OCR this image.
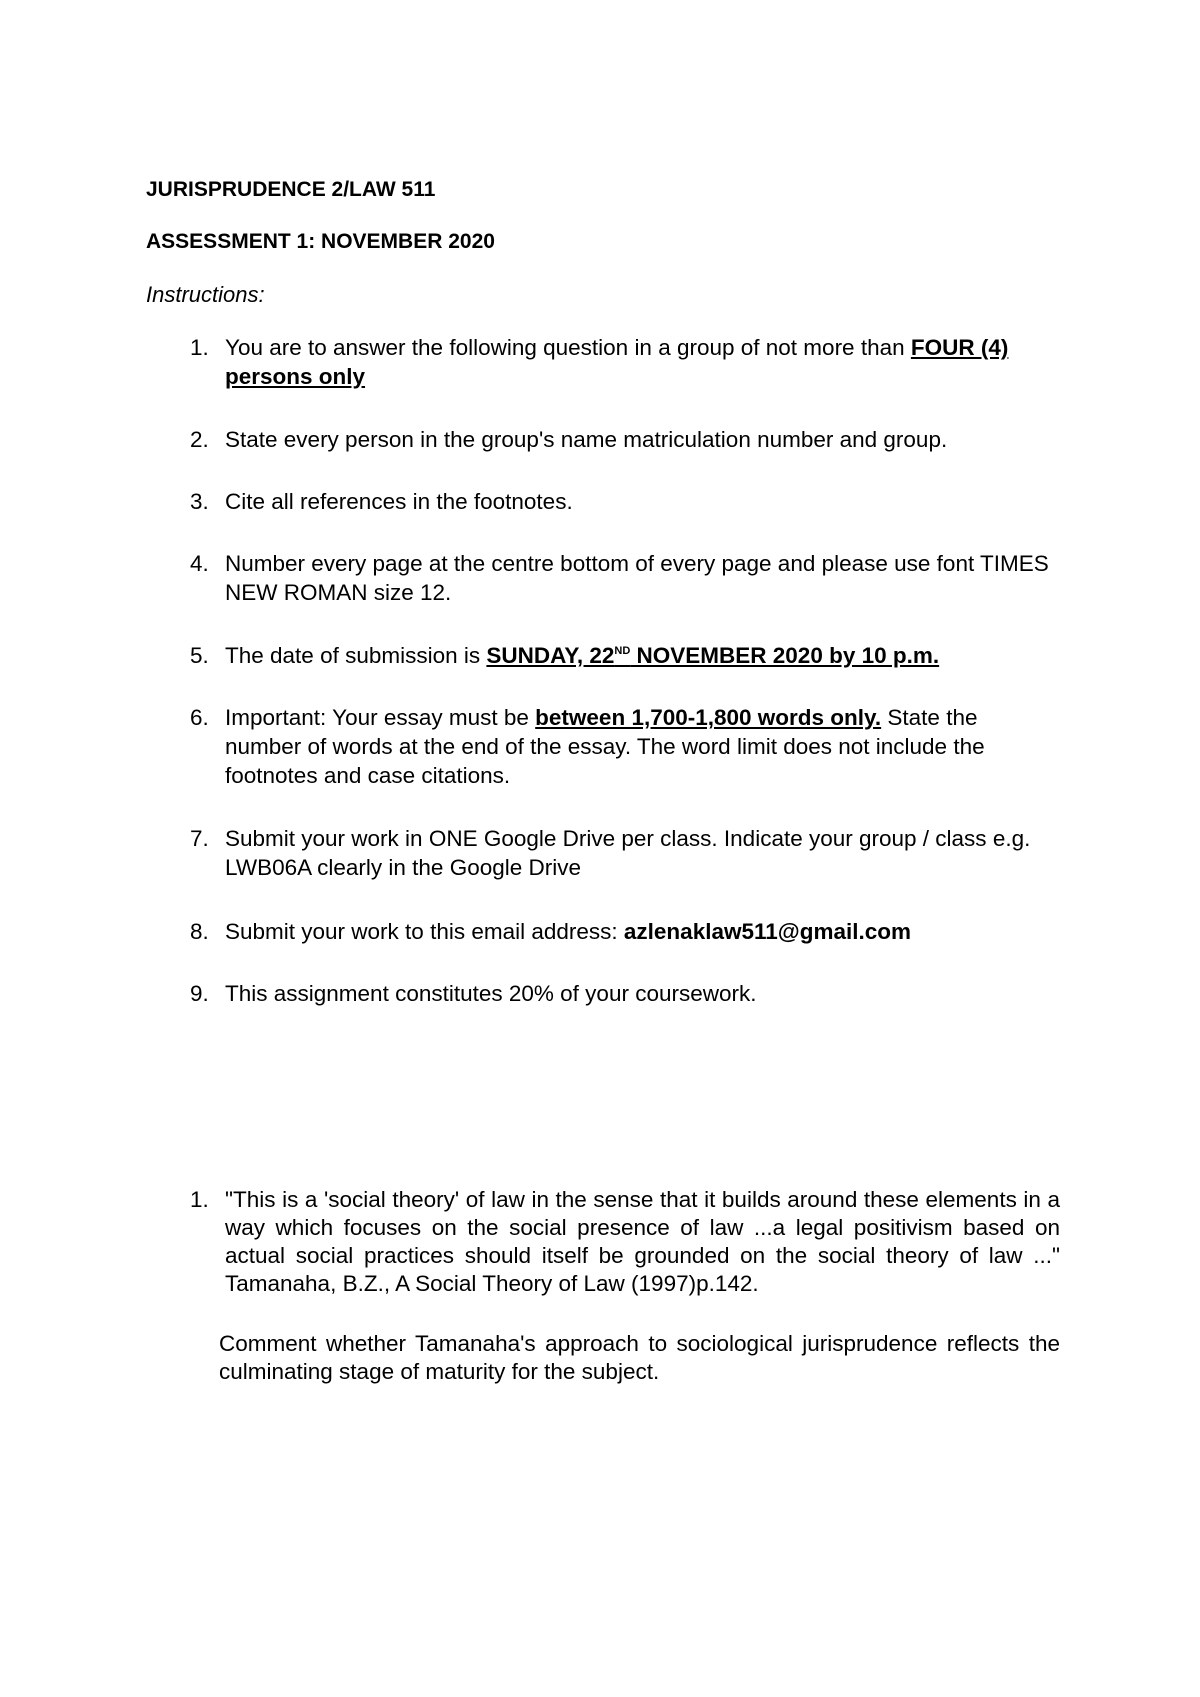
JURISPRUDENCE 2/LAW 511
ASSESSMENT 1: NOVEMBER 2020
Instructions:
1. You are to answer the following question in a group of not more than FOUR (4) persons only
2. State every person in the group's name matriculation number and group.
3. Cite all references in the footnotes.
4. Number every page at the centre bottom of every page and please use font TIMES NEW ROMAN size 12.
5. The date of submission is SUNDAY, 22ND NOVEMBER 2020 by 10 p.m.
6. Important: Your essay must be between 1,700-1,800 words only. State the number of words at the end of the essay. The word limit does not include the footnotes and case citations.
7. Submit your work in ONE Google Drive per class. Indicate your group / class e.g. LWB06A clearly in the Google Drive
8. Submit your work to this email address: azlenaklaw511@gmail.com
9. This assignment constitutes 20% of your coursework.
1. "This is a 'social theory' of law in the sense that it builds around these elements in a way which focuses on the social presence of law ...a legal positivism based on actual social practices should itself be grounded on the social theory of law ..." Tamanaha, B.Z., A Social Theory of Law (1997)p.142.
Comment whether Tamanaha's approach to sociological jurisprudence reflects the culminating stage of maturity for the subject.
